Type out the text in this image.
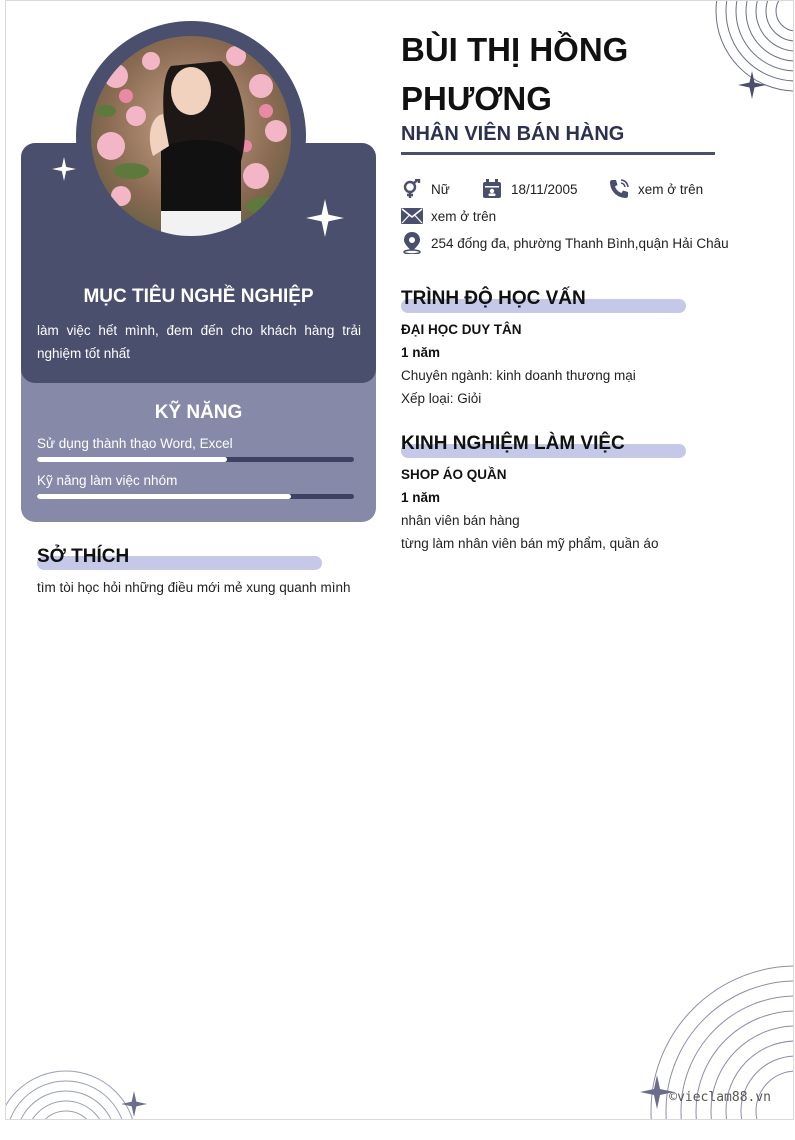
MỤC TIÊU NGHỀ NGHIỆP
làm việc hết mình, đem đến cho khách hàng trải nghiệm tốt nhất
KỸ NĂNG
Sử dụng thành thạo Word, Excel
Kỹ năng làm việc nhóm
SỞ THÍCH
tìm tòi học hỏi những điều mới mẻ xung quanh mình
BÙI THỊ HỒNG PHƯƠNG
NHÂN VIÊN BÁN HÀNG
Nữ	18/11/2005	xem ở trên
xem ở trên
254 đống đa, phường Thanh Bình,quận Hải Châu
TRÌNH ĐỘ HỌC VẤN
ĐẠI HỌC DUY TÂN
1 năm
Chuyên ngành: kinh doanh thương mại
Xếp loại: Giỏi
KINH NGHIỆM LÀM VIỆC
SHOP ÁO QUẦN
1 năm
nhân viên bán hàng
từng làm nhân viên bán mỹ phẩm, quần áo
©vieclam88.vn
